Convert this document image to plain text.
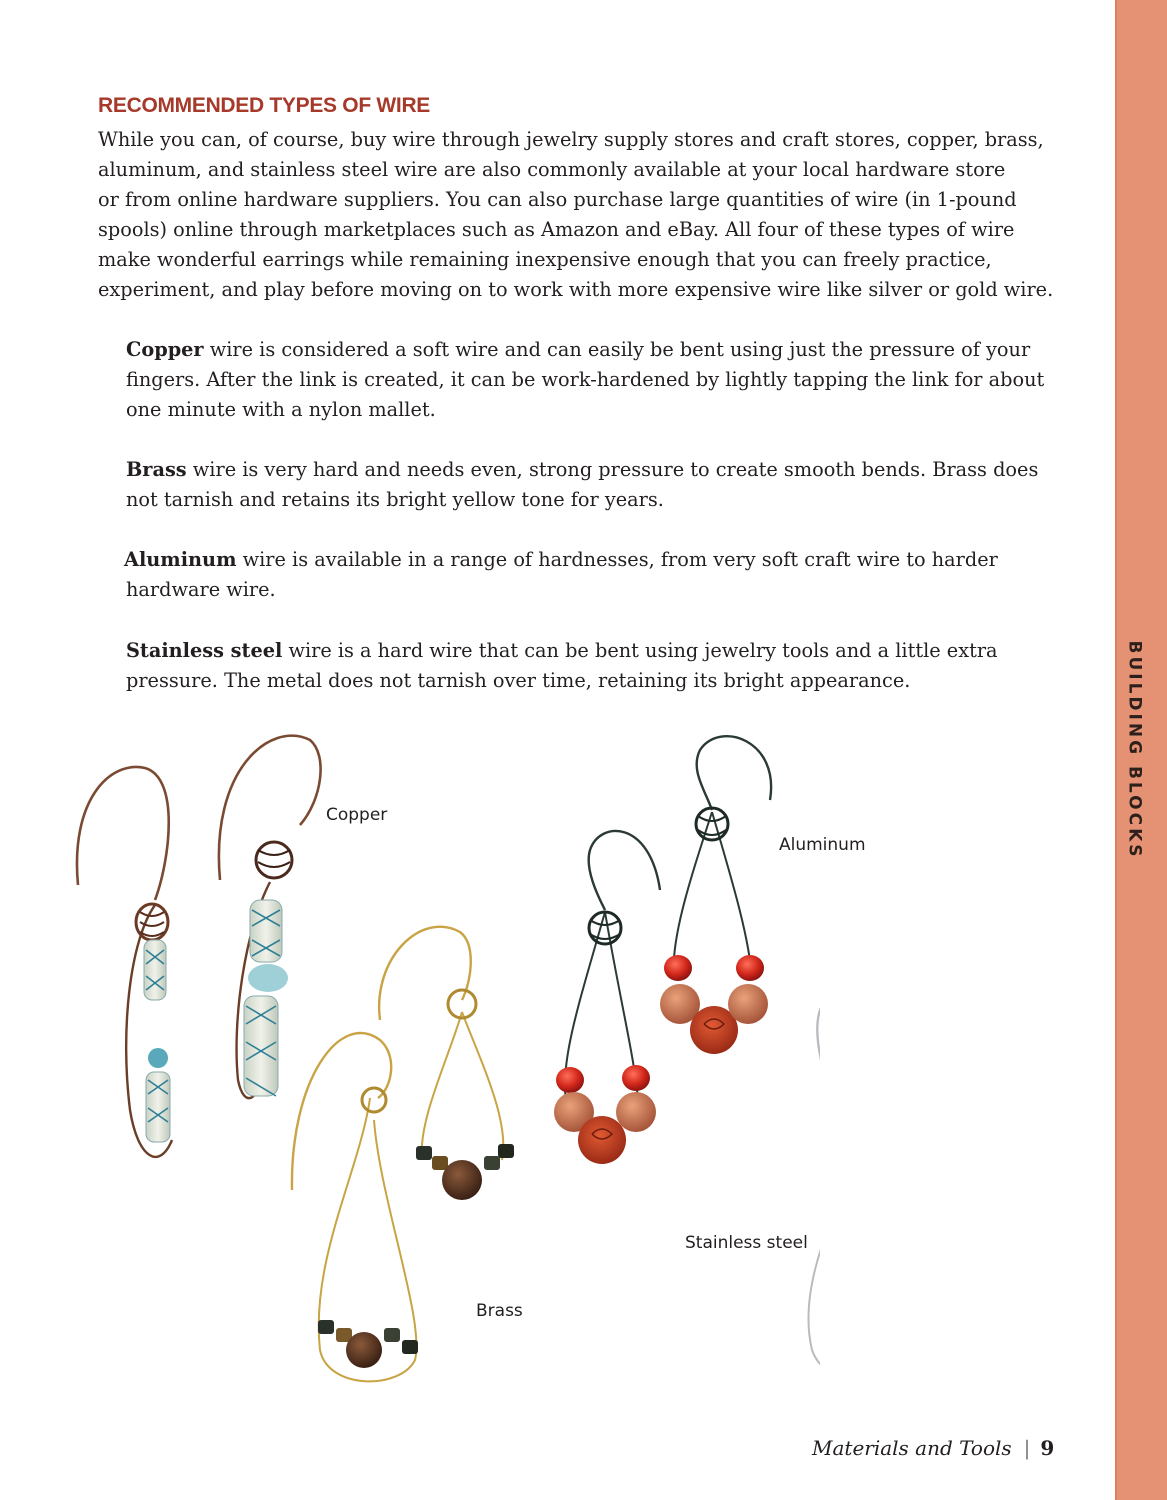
BUILDING BLOCKS
RECOMMENDED TYPES OF WIRE

While you can, of course, buy wire through jewelry supply stores and craft stores, copper, brass,
aluminum, and stainless steel wire are also commonly available at your local hardware store
or from online hardware suppliers. You can also purchase large quantities of wire (in 1-pound
spools) online through marketplaces such as Amazon and eBay. All four of these types of wire
make wonderful earrings while remaining inexpensive enough that you can freely practice,
experiment, and play before moving on to work with more expensive wire like silver or gold wire.

Copper wire is considered a soft wire and can easily be bent using just the pressure of your
fingers. After the link is created, it can be work-hardened by lightly tapping the link for about
one minute with a nylon mallet.

Brass wire is very hard and needs even, strong pressure to create smooth bends. Brass does
not tarnish and retains its bright yellow tone for years.

Aluminum wire is available in a range of hardnesses, from very soft craft wire to harder
hardware wire.

Stainless steel wire is a hard wire that can be bent using jewelry tools and a little extra
pressure. The metal does not tarnish over time, retaining its bright appearance.

Copper
Aluminum
Stainless steel
Brass
Materials and Tools | 9
